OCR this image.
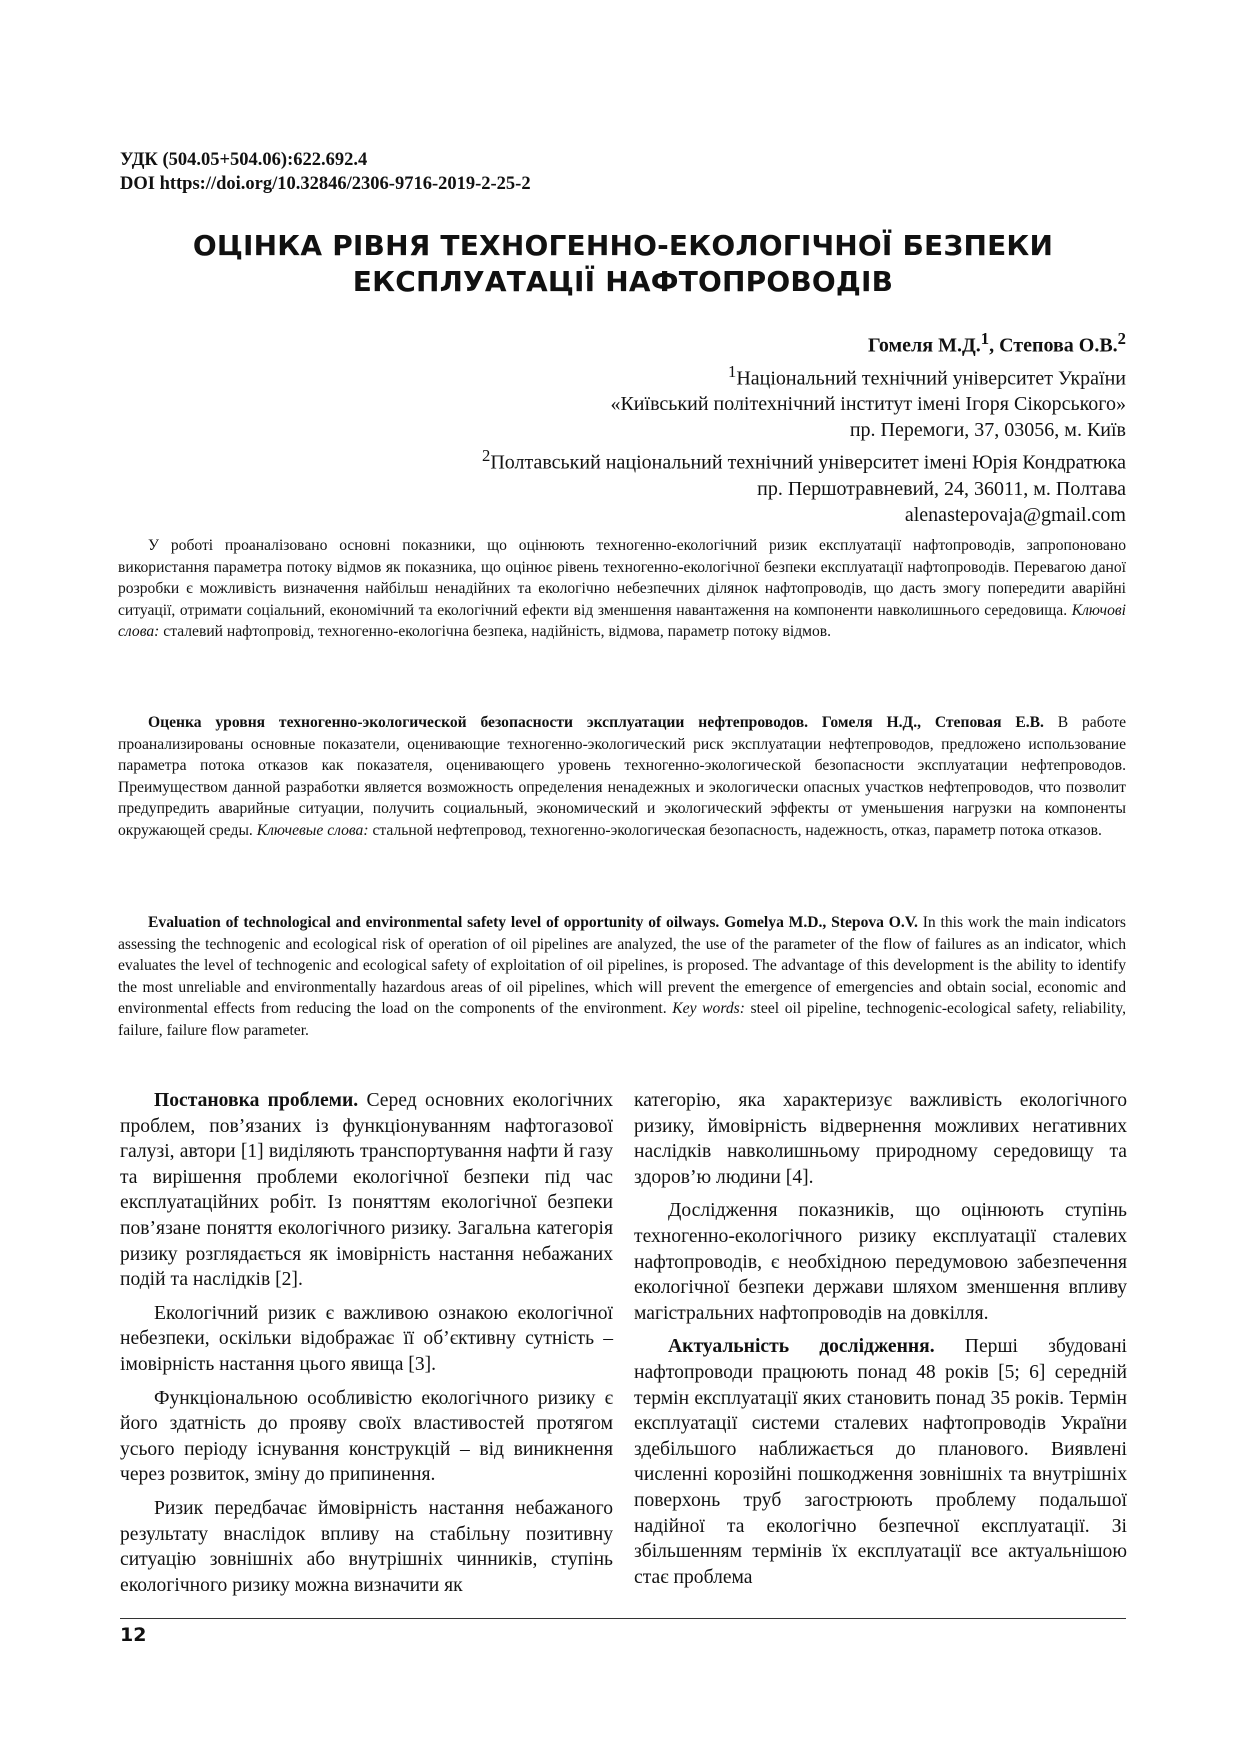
УДК (504.05+504.06):622.692.4
DOI https://doi.org/10.32846/2306-9716-2019-2-25-2
ОЦІНКА РІВНЯ ТЕХНОГЕННО-ЕКОЛОГІЧНОЇ БЕЗПЕКИ
ЕКСПЛУАТАЦІЇ НАФТОПРОВОДІВ
Гомеля М.Д.$^1$, Степова О.В.$^2$
$^1$Національний технічний університет України
«Київський політехнічний інститут імені Ігоря Сікорського»
пр. Перемоги, 37, 03056, м. Київ
$^2$Полтавський національний технічний університет імені Юрія Кондратюка
пр. Першотравневий, 24, 36011, м. Полтава
alenastepovaja@gmail.com
У роботі проаналізовано основні показники, що оцінюють техногенно-екологічний ризик експлуатації нафтопроводів, запропоновано використання параметра потоку відмов як показника, що оцінює рівень техногенно-екологічної безпеки експлуатації нафтопроводів. Перевагою даної розробки є можливість визначення найбільш ненадійних та екологічно небезпечних ділянок нафтопроводів, що дасть змогу попередити аварійні ситуації, отримати соціальний, економічний та екологічний ефекти від зменшення навантаження на компоненти навколишнього середовища. Ключові слова: сталевий нафтопровід, техногенно-екологічна безпека, надійність, відмова, параметр потоку відмов.
Оценка уровня техногенно-экологической безопасности эксплуатации нефтепроводов. Гомеля Н.Д., Степовая Е.В. В работе проанализированы основные показатели, оценивающие техногенно-экологический риск эксплуатации нефтепроводов, предложено использование параметра потока отказов как показателя, оценивающего уровень техногенно-экологической безопасности эксплуатации нефтепроводов. Преимуществом данной разработки является возможность определения ненадежных и экологически опасных участков нефтепроводов, что позволит предупредить аварийные ситуации, получить социальный, экономический и экологический эффекты от уменьшения нагрузки на компоненты окружающей среды. Ключевые слова: стальной нефтепровод, техногенно-экологическая безопасность, надежность, отказ, параметр потока отказов.
Evaluation of technological and environmental safety level of opportunity of oilways. Gomelya M.D., Stepova O.V. In this work the main indicators assessing the technogenic and ecological risk of operation of oil pipelines are analyzed, the use of the parameter of the flow of failures as an indicator, which evaluates the level of technogenic and ecological safety of exploitation of oil pipelines, is proposed. The advantage of this development is the ability to identify the most unreliable and environmentally hazardous areas of oil pipelines, which will prevent the emergence of emergencies and obtain social, economic and environmental effects from reducing the load on the components of the environment. Key words: steel oil pipeline, technogenic-ecological safety, reliability, failure, failure flow parameter.

Постановка проблеми. Серед основних екологічних проблем, пов’язаних із функціонуванням нафтогазової галузі, автори [1] виділяють транспортування нафти й газу та вирішення проблеми екологічної безпеки під час експлуатаційних робіт. Із поняттям екологічної безпеки пов’язане поняття екологічного ризику. Загальна категорія ризику розглядається як імовірність настання небажаних подій та наслідків [2].

Екологічний ризик є важливою ознакою екологічної небезпеки, оскільки відображає її об’єктивну сутність – імовірність настання цього явища [3].

Функціональною особливістю екологічного ризику є його здатність до прояву своїх властивостей протягом усього періоду існування конструкцій – від виникнення через розвиток, зміну до припинення.

Ризик передбачає ймовірність настання небажаного результату внаслідок впливу на стабільну позитивну ситуацію зовнішніх або внутрішніх чинників, ступінь екологічного ризику можна визначити як

категорію, яка характеризує важливість екологічного ризику, ймовірність відвернення можливих негативних наслідків навколишньому природному середовищу та здоров’ю людини [4].

Дослідження показників, що оцінюють ступінь техногенно-екологічного ризику експлуатації сталевих нафтопроводів, є необхідною передумовою забезпечення екологічної безпеки держави шляхом зменшення впливу магістральних нафтопроводів на довкілля.

Актуальність дослідження. Перші збудовані нафтопроводи працюють понад 48 років [5; 6] середній термін експлуатації яких становить понад 35 років. Термін експлуатації системи сталевих нафтопроводів України здебільшого наближається до планового. Виявлені численні корозійні пошкодження зовнішніх та внутрішніх поверхонь труб загострюють проблему подальшої надійної та екологічно безпечної експлуатації. Зі збільшенням термінів їх експлуатації все актуальнішою стає проблема

12
